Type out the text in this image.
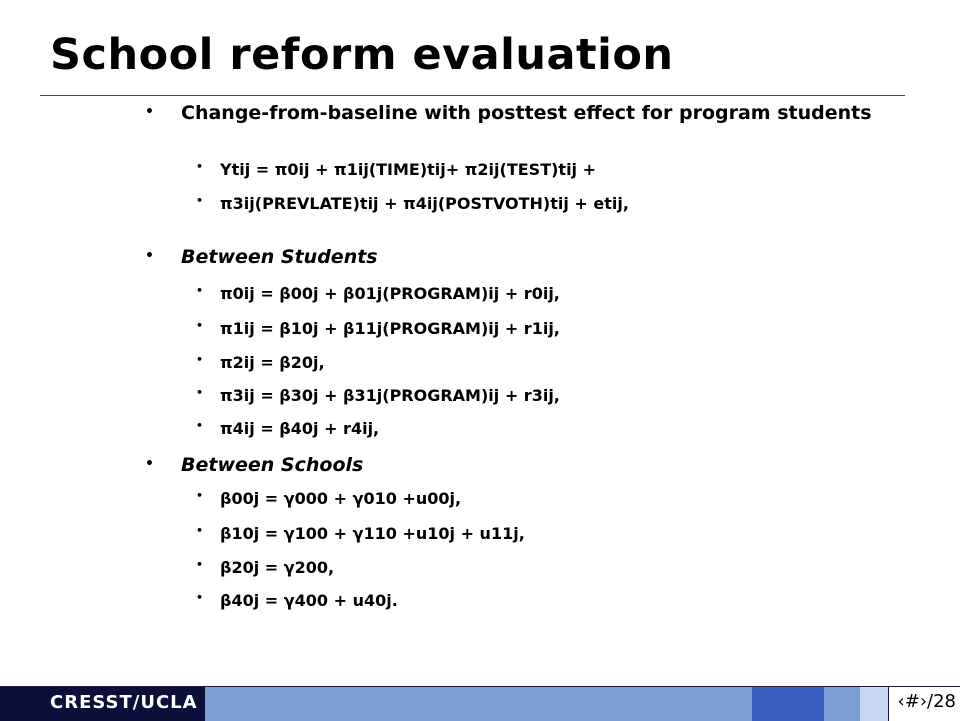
School reform evaluation
• Change-from-baseline with posttest effect for program students
• Ytij = π0ij + π1ij(TIME)tij+ π2ij(TEST)tij +
• π3ij(PREVLATE)tij + π4ij(POSTVOTH)tij + etij,
• Between Students
• π0ij = β00j + β01j(PROGRAM)ij + r0ij,
• π1ij = β10j + β11j(PROGRAM)ij + r1ij,
• π2ij = β20j,
• π3ij = β30j + β31j(PROGRAM)ij + r3ij,
• π4ij = β40j + r4ij,
• Between Schools
• β00j = γ000 + γ010 +u00j,
• β10j = γ100 + γ110 +u10j + u11j,
• β20j = γ200,
• β40j = γ400 + u40j.
CRESST/UCLA	‹#›/28
